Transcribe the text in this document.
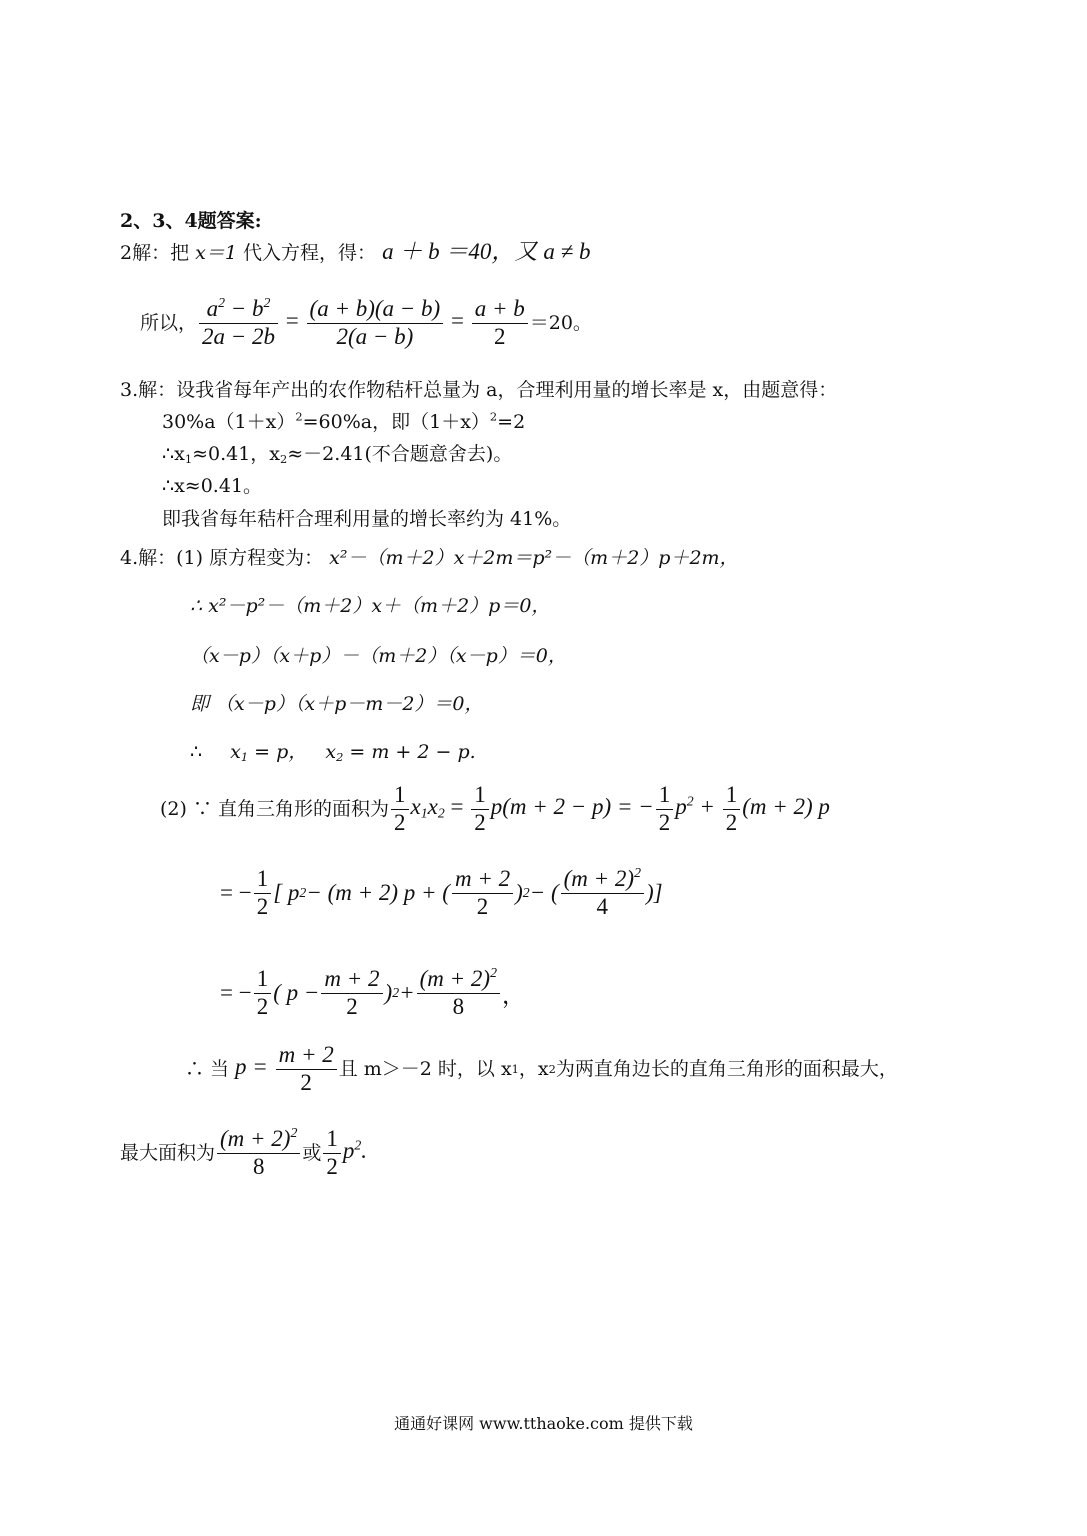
2、3、4题答案:
2解：把 x＝1 代入方程，得： a ＋ b ＝40，又 a ≠ b
所以， $\frac{a^2 - b^2}{2a - 2b} = \frac{(a + b)(a - b)}{2(a - b)} = \frac{a + b}{2} =20$。
3.解：设我省每年产出的农作物秸杆总量为 a，合理利用量的增长率是 x，由题意得：
$30\%a(1+x)^2=60\%a$，即$(1+x)^2=2$
$\therefore x_1\approx 0.41$，$x_2\approx-2.41$(不合题意舍去)。
∴x≈0.41。
即我省每年秸杆合理利用量的增长率约为 41%。
4.解：(1) 原方程变为： x²－（m＋2）x＋2m＝p²－（m＋2）p＋2m，
∴ x²－p²－（m＋2）x＋（m＋2）p＝0，
（x－p）（x＋p）－（m＋2）（x－p）＝0，
即 （x－p）（x＋p－m－2）＝0，
∴ $x_1 = p$，   $x_2 = m + 2 - p$.
(2) ∵ 直角三角形的面积为 $\frac{1}{2} x_1x_2 = \frac{1}{2} p(m + 2 - p)$ = − $\frac{1}{2} p^2 + \frac{1}{2} (m + 2)$ p
= − $\frac{1}{2}$ [ p 2 − (m + 2) p + ( $\frac{m + 2}{2}$ ) 2 − ( $\frac{(m + 2)^2}{4}$ )]
= − $\frac{1}{2}$ ( $p - \frac{m + 2}{2}$ ) $2 + \frac{(m + 2)^2}{8}$ ，
∴ 当 $p = \frac{m + 2}{2}$ 且 m＞－2 时，以 x 1 ，x 2 为两直角边长的直角三角形的面积最大，
最大面积为 $\frac{(m + 2)^2}{8}$ 或 $\frac{1}{2} p^2$.
通通好课网 www.tthaoke.com 提供下载
